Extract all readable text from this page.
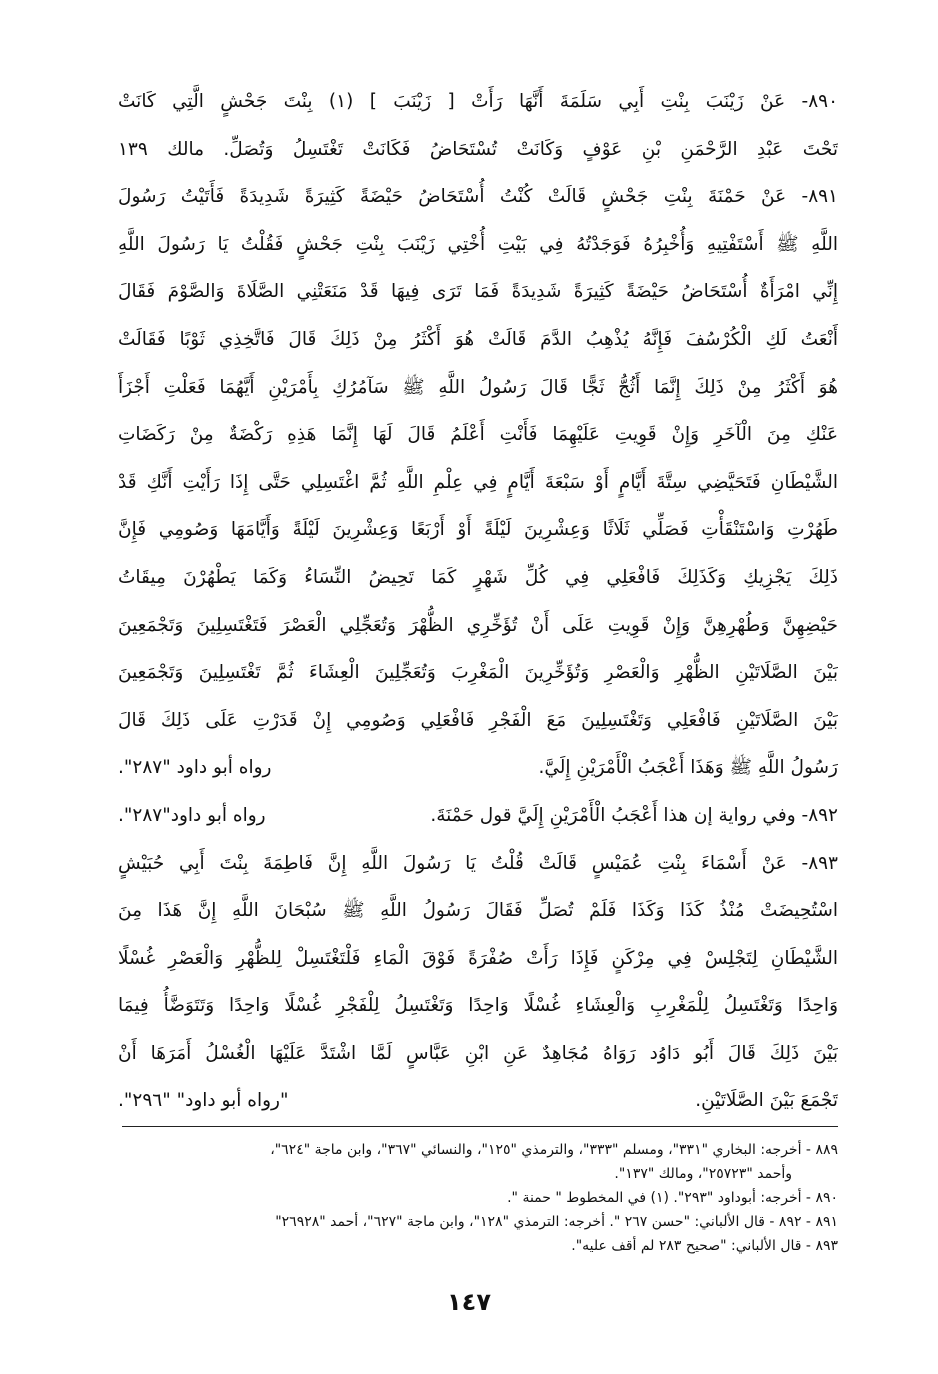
٨٩٠- عَنْ زَيْنَبَ بِنْتِ أَبِي سَلَمَةَ أَنَّهَا رَأَتْ [ زَيْنَبَ ] (١) بِنْتَ جَحْشٍ الَّتِي كَانَتْ
تَحْتَ عَبْدِ الرَّحْمَنِ بْنِ عَوْفٍ وَكَانَتْ تُسْتَحَاضُ فَكَانَتْ تَغْتَسِلُ وَتُصَلِّ. مالك ١٣٩
٨٩١- عَنْ حَمْنَةَ بِنْتِ جَحْشٍ قَالَتْ كُنْتُ أُسْتَحَاضُ حَيْضَةً كَثِيرَةً شَدِيدَةً فَأَتَيْتُ رَسُولَ
اللَّهِ ﷺ أَسْتَفْتِيهِ وَأُخْبِرُهُ فَوَجَدْتُهُ فِي بَيْتِ أُخْتِي زَيْنَبَ بِنْتِ جَحْشٍ فَقُلْتُ يَا رَسُولَ اللَّهِ
إِنِّي امْرَأَةٌ أُسْتَحَاضُ حَيْضَةً كَثِيرَةً شَدِيدَةً فَمَا تَرَى فِيهَا قَدْ مَنَعَتْنِي الصَّلَاةَ وَالصَّوْمَ فَقَالَ
أَنْعَتُ لَكِ الْكُرْسُفَ فَإِنَّهُ يُذْهِبُ الدَّمَ قَالَتْ هُوَ أَكْثَرُ مِنْ ذَلِكَ قَالَ فَاتَّخِذِي ثَوْبًا فَقَالَتْ
هُوَ أَكْثَرُ مِنْ ذَلِكَ إِنَّمَا أَثُجُّ ثَجًّا قَالَ رَسُولُ اللَّهِ ﷺ سَآمُرُكِ بِأَمْرَيْنِ أَيَّهُمَا فَعَلْتِ أَجْزَأَ
عَنْكِ مِنَ الْآخَرِ وَإِنْ قَوِيتِ عَلَيْهِمَا فَأَنْتِ أَعْلَمُ قَالَ لَهَا إِنَّمَا هَذِهِ رَكْضَةٌ مِنْ رَكَضَاتِ
الشَّيْطَانِ فَتَحَيَّضِي سِتَّةَ أَيَّامٍ أَوْ سَبْعَةَ أَيَّامٍ فِي عِلْمِ اللَّهِ ثُمَّ اغْتَسِلِي حَتَّى إِذَا رَأَيْتِ أَنَّكِ قَدْ
طَهُرْتِ وَاسْتَنْقَأْتِ فَصَلِّي ثَلَاثًا وَعِشْرِينَ لَيْلَةً أَوْ أَرْبَعًا وَعِشْرِينَ لَيْلَةً وَأَيَّامَهَا وَصُومِي فَإِنَّ
ذَلِكَ يَجْزِيكِ وَكَذَلِكَ فَافْعَلِي فِي كُلِّ شَهْرٍ كَمَا تَحِيضُ النِّسَاءُ وَكَمَا يَطْهُرْنَ مِيقَاتُ
حَيْضِهِنَّ وَطُهْرِهِنَّ وَإِنْ قَوِيتِ عَلَى أَنْ تُؤَخِّرِي الظُّهْرَ وَتُعَجِّلِي الْعَصْرَ فَتَغْتَسِلِينَ وَتَجْمَعِينَ
بَيْنَ الصَّلَاتَيْنِ الظُّهْرِ وَالْعَصْرِ وَتُؤَخِّرِينَ الْمَغْرِبَ وَتُعَجِّلِينَ الْعِشَاءَ ثُمَّ تَغْتَسِلِينَ وَتَجْمَعِينَ
بَيْنَ الصَّلَاتَيْنِ فَافْعَلِي وَتَغْتَسِلِينَ مَعَ الْفَجْرِ فَافْعَلِي وَصُومِي إِنْ قَدَرْتِ عَلَى ذَلِكَ قَالَ
رَسُولُ اللَّهِ ﷺ وَهَذَا أَعْجَبُ الْأَمْرَيْنِ إِلَيَّ.
رواه أبو داود "٢٨٧".
٨٩٢- وفي رواية إن هذا أَعْجَبُ الْأَمْرَيْنِ إِلَيَّ قول حَمْنَةَ.
رواه أبو داود"٢٨٧".
٨٩٣- عَنْ أَسْمَاءَ بِنْتِ عُمَيْسٍ قَالَتْ قُلْتُ يَا رَسُولَ اللَّهِ إِنَّ فَاطِمَةَ بِنْتَ أَبِي حُبَيْشٍ
اسْتُحِيضَتْ مُنْذُ كَذَا وَكَذَا فَلَمْ تُصَلِّ فَقَالَ رَسُولُ اللَّهِ ﷺ سُبْحَانَ اللَّهِ إِنَّ هَذَا مِنَ
الشَّيْطَانِ لِتَجْلِسْ فِي مِرْكَنٍ فَإِذَا رَأَتْ صُفْرَةً فَوْقَ الْمَاءِ فَلْتَغْتَسِلْ لِلظُّهْرِ وَالْعَصْرِ غُسْلًا
وَاحِدًا وَتَغْتَسِلُ لِلْمَغْرِبِ وَالْعِشَاءِ غُسْلًا وَاحِدًا وَتَغْتَسِلُ لِلْفَجْرِ غُسْلًا وَاحِدًا وَتَتَوَضَّأُ فِيمَا
بَيْنَ ذَلِكَ قَالَ أَبُو دَاوُد رَوَاهُ مُجَاهِدٌ عَنِ ابْنِ عَبَّاسٍ لَمَّا اشْتَدَّ عَلَيْهَا الْغُسْلُ أَمَرَهَا أَنْ
تَجْمَعَ بَيْنَ الصَّلَاتَيْنِ.
"رواه أبو داود" "٢٩٦".
٨٨٩ - أخرجه: البخاري "٣٣١"، ومسلم "٣٣٣"، والترمذي "١٢٥"، والنسائي "٣٦٧"، وابن ماجة "٦٢٤"،
وأحمد "٢٥٧٢٣"، ومالك "١٣٧".
٨٩٠ - أخرجه: أبوداود "٢٩٣". (١) في المخطوط " حمنة ".
٨٩١ - ٨٩٢ - قال الألباني: "حسن ٢٦٧ ". أخرجه: الترمذي "١٢٨"، وابن ماجة "٦٢٧"، أحمد "٢٦٩٢٨"
٨٩٣ - قال الألباني: "صحيح ٢٨٣ لم أقف عليه".
١٤٧
